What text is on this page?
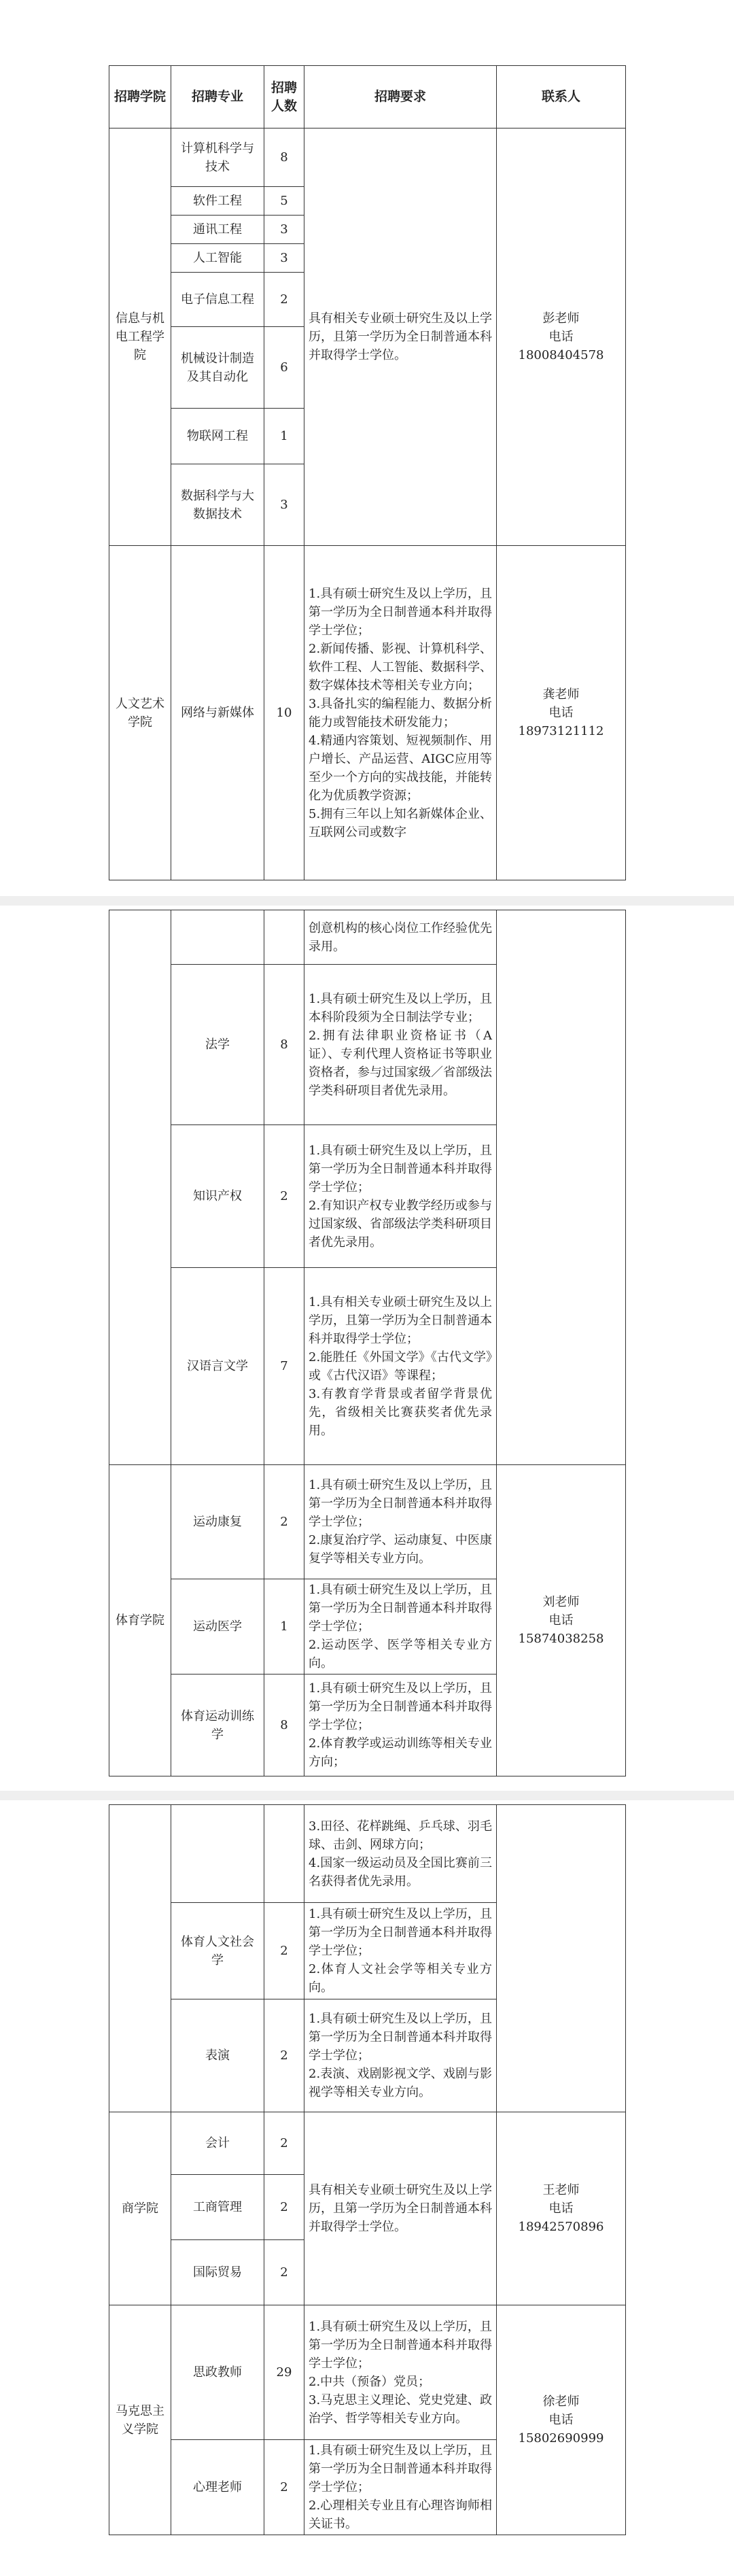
招聘学院	招聘专业	招聘人数	招聘要求	联系人
信息与机电工程学院	计算机科学与技术	8	具有相关专业硕士研究生及以上学历，且第一学历为全日制普通本科并取得学士学位。	彭老师
电话
18008404578

	软件工程	5		
	通讯工程	3		
	人工智能	3		
	电子信息工程	2		
	机械设计制造及其自动化	6		
	物联网工程	1		
	数据科学与大数据技术	3		
人文艺术学院	网络与新媒体	10	1.具有硕士研究生及以上学历，且第一学历为全日制普通本科并取得学士学位；
2.新闻传播、影视、计算机科学、软件工程、人工智能、数据科学、数字媒体技术等相关专业方向；
3.具备扎实的编程能力、数据分析能力或智能技术研发能力；
4.精通内容策划、短视频制作、用户增长、产品运营、AIGC应用等至少一个方向的实战技能，并能转化为优质教学资源；
5.拥有三年以上知名新媒体企业、互联网公司或数字	龚老师
电话
18973121112
			创意机构的核心岗位工作经验优先录用。	
	法学	8	1.具有硕士研究生及以上学历，且本科阶段须为全日制法学专业；
2.拥有法律职业资格证书（A证）、专利代理人资格证书等职业资格者，参与过国家级／省部级法学类科研项目者优先录用。	
	知识产权	2	1.具有硕士研究生及以上学历，且第一学历为全日制普通本科并取得学士学位；
2.有知识产权专业教学经历或参与过国家级、省部级法学类科研项目者优先录用。	
	汉语言文学	7	1.具有相关专业硕士研究生及以上学历，且第一学历为全日制普通本科并取得学士学位；
2.能胜任《外国文学》《古代文学》或《古代汉语》等课程；
3.有教育学背景或者留学背景优先，省级相关比赛获奖者优先录用。	
体育学院	运动康复	2	1.具有硕士研究生及以上学历，且第一学历为全日制普通本科并取得学士学位；
2.康复治疗学、运动康复、中医康复学等相关专业方向。	刘老师
电话
15874038258

	运动医学	1	1.具有硕士研究生及以上学历，且第一学历为全日制普通本科并取得学士学位；
2.运动医学、医学等相关专业方向。	
	体育运动训练学	8	1.具有硕士研究生及以上学历，且第一学历为全日制普通本科并取得学士学位；
2.体育教学或运动训练等相关专业方向；	
			3.田径、花样跳绳、乒乓球、羽毛球、击剑、网球方向；
4.国家一级运动员及全国比赛前三名获得者优先录用。	
	体育人文社会学	2	1.具有硕士研究生及以上学历，且第一学历为全日制普通本科并取得学士学位；
2.体育人文社会学等相关专业方向。	
	表演	2	1.具有硕士研究生及以上学历，且第一学历为全日制普通本科并取得学士学位；
2.表演、戏剧影视文学、戏剧与影视学等相关专业方向。	
商学院	会计	2	具有相关专业硕士研究生及以上学历，且第一学历为全日制普通本科并取得学士学位。	王老师
电话
18942570896

	工商管理	2		
	国际贸易	2		
马克思主义学院	思政教师	29	1.具有硕士研究生及以上学历，且第一学历为全日制普通本科并取得学士学位；
2.中共（预备）党员；
3.马克思主义理论、党史党建、政治学、哲学等相关专业方向。	徐老师
电话
15802690999

	心理老师	2	1.具有硕士研究生及以上学历，且第一学历为全日制普通本科并取得学士学位；
2.心理相关专业且有心理咨询师相关证书。	
